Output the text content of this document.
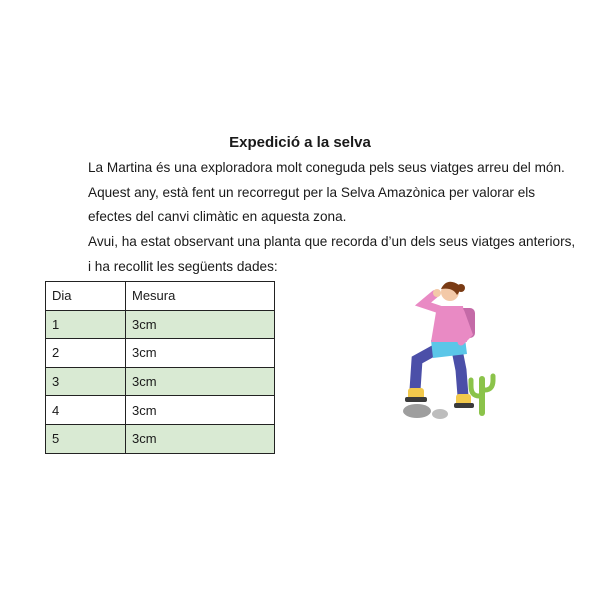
Expedició a la selva

La Martina és una exploradora molt coneguda pels seus viatges arreu del món. Aquest any, està fent un recorregut per la Selva Amazònica per valorar els efectes del canvi climàtic en aquesta zona.

Avui, ha estat observant una planta que recorda d’un dels seus viatges anteriors, i ha recollit les següents dades:

Dia	Mesura
1	3cm
2	3cm
3	3cm
4	3cm
5	3cm
